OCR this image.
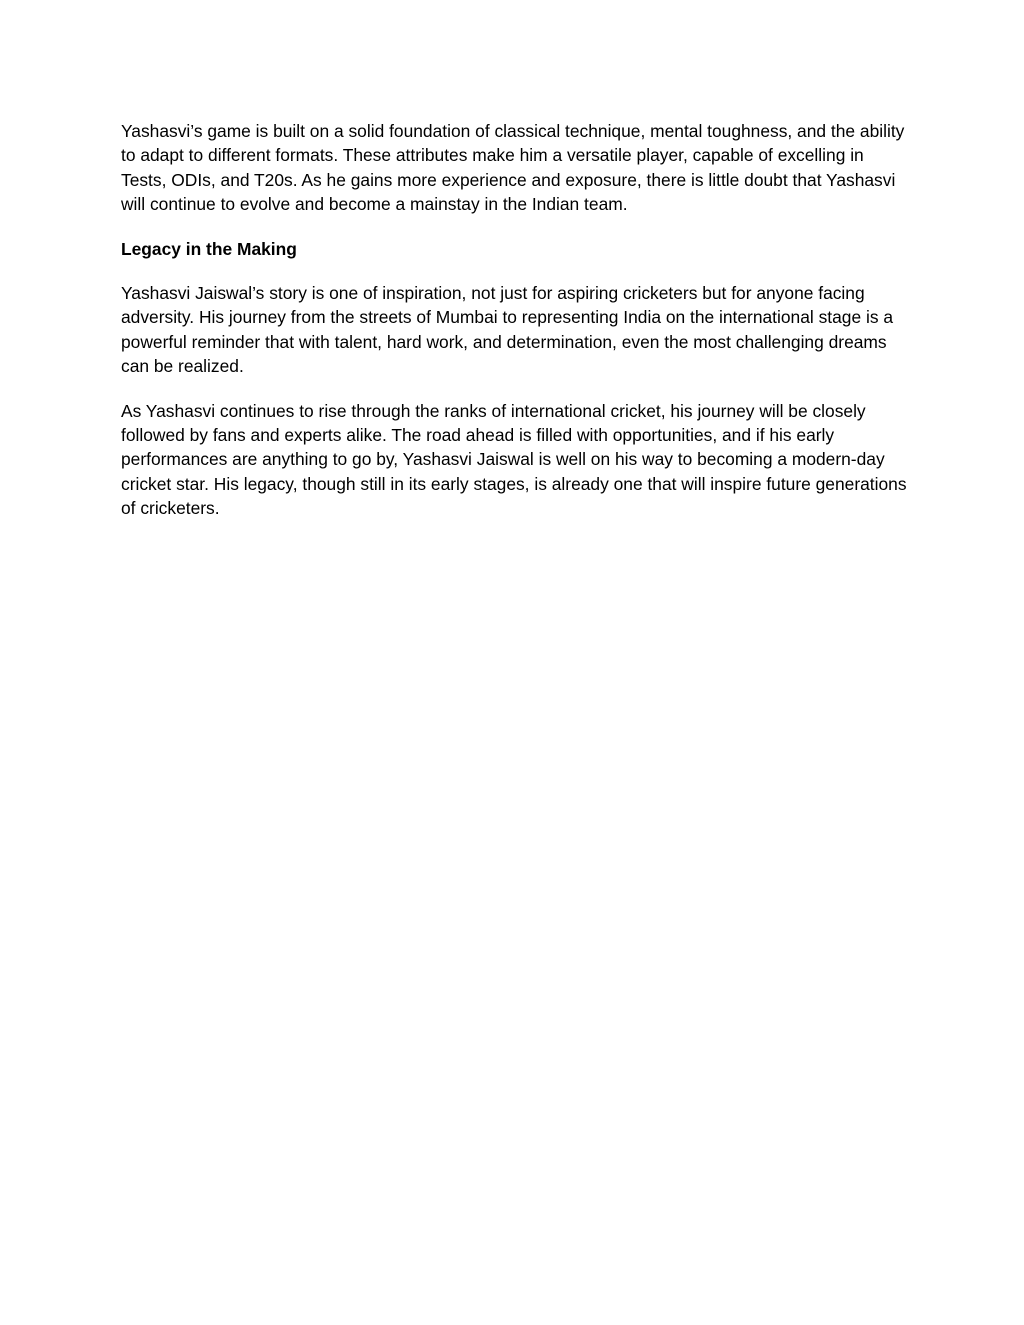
Yashasvi’s game is built on a solid foundation of classical technique, mental toughness, and the ability to adapt to different formats. These attributes make him a versatile player, capable of excelling in Tests, ODIs, and T20s. As he gains more experience and exposure, there is little doubt that Yashasvi will continue to evolve and become a mainstay in the Indian team.

Legacy in the Making

Yashasvi Jaiswal’s story is one of inspiration, not just for aspiring cricketers but for anyone facing adversity. His journey from the streets of Mumbai to representing India on the international stage is a powerful reminder that with talent, hard work, and determination, even the most challenging dreams can be realized.

As Yashasvi continues to rise through the ranks of international cricket, his journey will be closely followed by fans and experts alike. The road ahead is filled with opportunities, and if his early performances are anything to go by, Yashasvi Jaiswal is well on his way to becoming a modern-day cricket star. His legacy, though still in its early stages, is already one that will inspire future generations of cricketers.
